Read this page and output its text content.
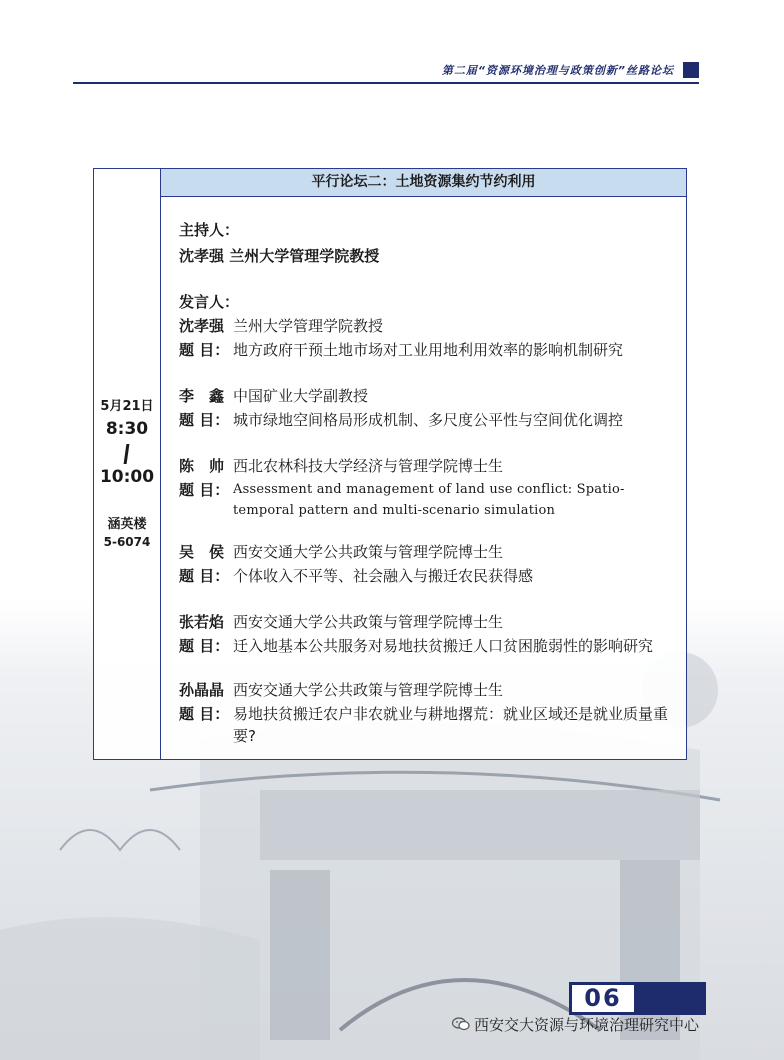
第二届“资源环境治理与政策创新”丝路论坛
5月21日
8:30
10:00
涵英楼
5-6074
平行论坛二：土地资源集约节约利用
主持人：
沈孝强 兰州大学管理学院教授
发言人：
沈孝强 兰州大学管理学院教授
题 目： 地方政府干预土地市场对工业用地利用效率的影响机制研究
李　鑫 中国矿业大学副教授
题 目： 城市绿地空间格局形成机制、多尺度公平性与空间优化调控
陈　帅 西北农林科技大学经济与管理学院博士生
题 目： Assessment and management of land use conflict: Spatio-temporal pattern and multi-scenario simulation
吴　侯 西安交通大学公共政策与管理学院博士生
题 目： 个体收入不平等、社会融入与搬迁农民获得感
张若焰 西安交通大学公共政策与管理学院博士生
题 目： 迁入地基本公共服务对易地扶贫搬迁人口贫困脆弱性的影响研究
孙晶晶 西安交通大学公共政策与管理学院博士生
题 目： 易地扶贫搬迁农户非农就业与耕地撂荒：就业区域还是就业质量重要?
06
西安交大资源与环境治理研究中心
